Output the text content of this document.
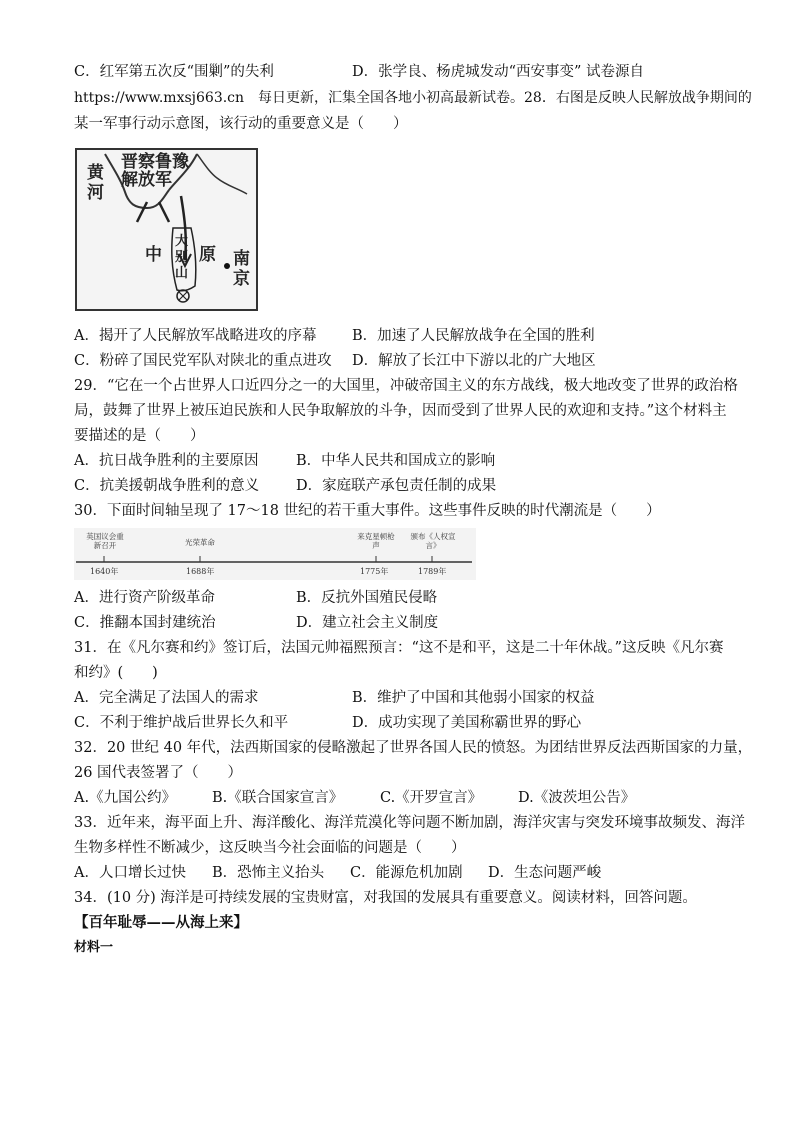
C．红军第五次反“围剿”的失利	D．张学良、杨虎城发动“西安事变” 试卷源自
https://www.mxsj663.cn　每日更新，汇集全国各地小初高最新试卷。28．右图是反映人民解放战争期间的
某一军事行动示意图，该行动的重要意义是（　　）
晋察鲁豫
解放军
黄
河
中 原
大
别
山
南
京
A．揭开了人民解放军战略进攻的序幕 B．加速了人民解放战争在全国的胜利
C．粉碎了国民党军队对陕北的重点进攻 D．解放了长江中下游以北的广大地区
29．“它在一个占世界人口近四分之一的大国里，冲破帝国主义的东方战线，极大地改变了世界的政治格
局，鼓舞了世界上被压迫民族和人民争取解放的斗争，因而受到了世界人民的欢迎和支持。”这个材料主
要描述的是（　　）
A．抗日战争胜利的主要原因	B．中华人民共和国成立的影响
C．抗美援朝战争胜利的意义	D．家庭联产承包责任制的成果
30．下面时间轴呈现了 17～18 世纪的若干重大事件。这些事件反映的时代潮流是（　　）
英国议会重新召开	光荣革命
来克星顿枪声
颁布《人权宣言》
1640年	1688年	1775年	1789年
A．进行资产阶级革命	B．反抗外国殖民侵略
C．推翻本国封建统治	D．建立社会主义制度
31．在《凡尔赛和约》签订后，法国元帅福熙预言：“这不是和平，这是二十年休战。”这反映《凡尔赛
和约》(　　)
A．完全满足了法国人的需求	B．维护了中国和其他弱小国家的权益
C．不利于维护战后世界长久和平	D．成功实现了美国称霸世界的野心
32．20 世纪 40 年代，法西斯国家的侵略激起了世界各国人民的愤怒。为团结世界反法西斯国家的力量，
26 国代表签署了（　　）
A.《九国公约》 B.《联合国家宣言》	C.《开罗宣言》 D.《波茨坦公告》
33．近年来，海平面上升、海洋酸化、海洋荒漠化等问题不断加剧，海洋灾害与突发环境事故频发、海洋
生物多样性不断减少，这反映当今社会面临的问题是（　　）
A．人口增长过快 B．恐怖主义抬头 C．能源危机加剧 D．生态问题严峻
34．(10 分) 海洋是可持续发展的宝贵财富，对我国的发展具有重要意义。阅读材料，回答问题。
【百年耻辱——从海上来】
材料一
